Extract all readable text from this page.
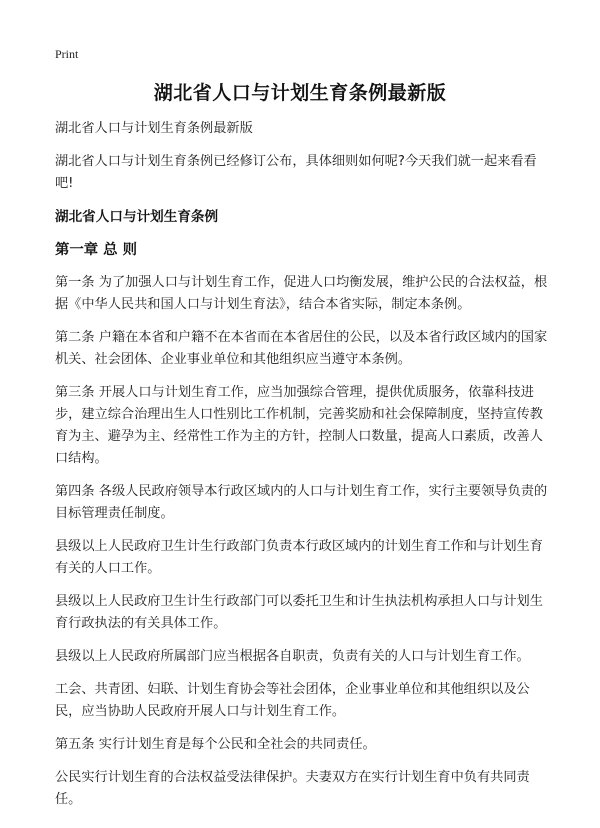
Print
湖北省人口与计划生育条例最新版

湖北省人口与计划生育条例最新版

湖北省人口与计划生育条例已经修订公布，具体细则如何呢?今天我们就一起来看看吧!

湖北省人口与计划生育条例

第一章 总 则

第一条 为了加强人口与计划生育工作，促进人口均衡发展，维护公民的合法权益，根据《中华人民共和国人口与计划生育法》，结合本省实际，制定本条例。

第二条 户籍在本省和户籍不在本省而在本省居住的公民，以及本省行政区域内的国家机关、社会团体、企业事业单位和其他组织应当遵守本条例。

第三条 开展人口与计划生育工作，应当加强综合管理，提供优质服务，依靠科技进步，建立综合治理出生人口性别比工作机制，完善奖励和社会保障制度，坚持宣传教育为主、避孕为主、经常性工作为主的方针，控制人口数量，提高人口素质，改善人口结构。

第四条 各级人民政府领导本行政区域内的人口与计划生育工作，实行主要领导负责的目标管理责任制度。

县级以上人民政府卫生计生行政部门负责本行政区域内的计划生育工作和与计划生育有关的人口工作。

县级以上人民政府卫生计生行政部门可以委托卫生和计生执法机构承担人口与计划生育行政执法的有关具体工作。

县级以上人民政府所属部门应当根据各自职责，负责有关的人口与计划生育工作。

工会、共青团、妇联、计划生育协会等社会团体，企业事业单位和其他组织以及公民，应当协助人民政府开展人口与计划生育工作。

第五条 实行计划生育是每个公民和全社会的共同责任。

公民实行计划生育的合法权益受法律保护。夫妻双方在实行计划生育中负有共同责任。
